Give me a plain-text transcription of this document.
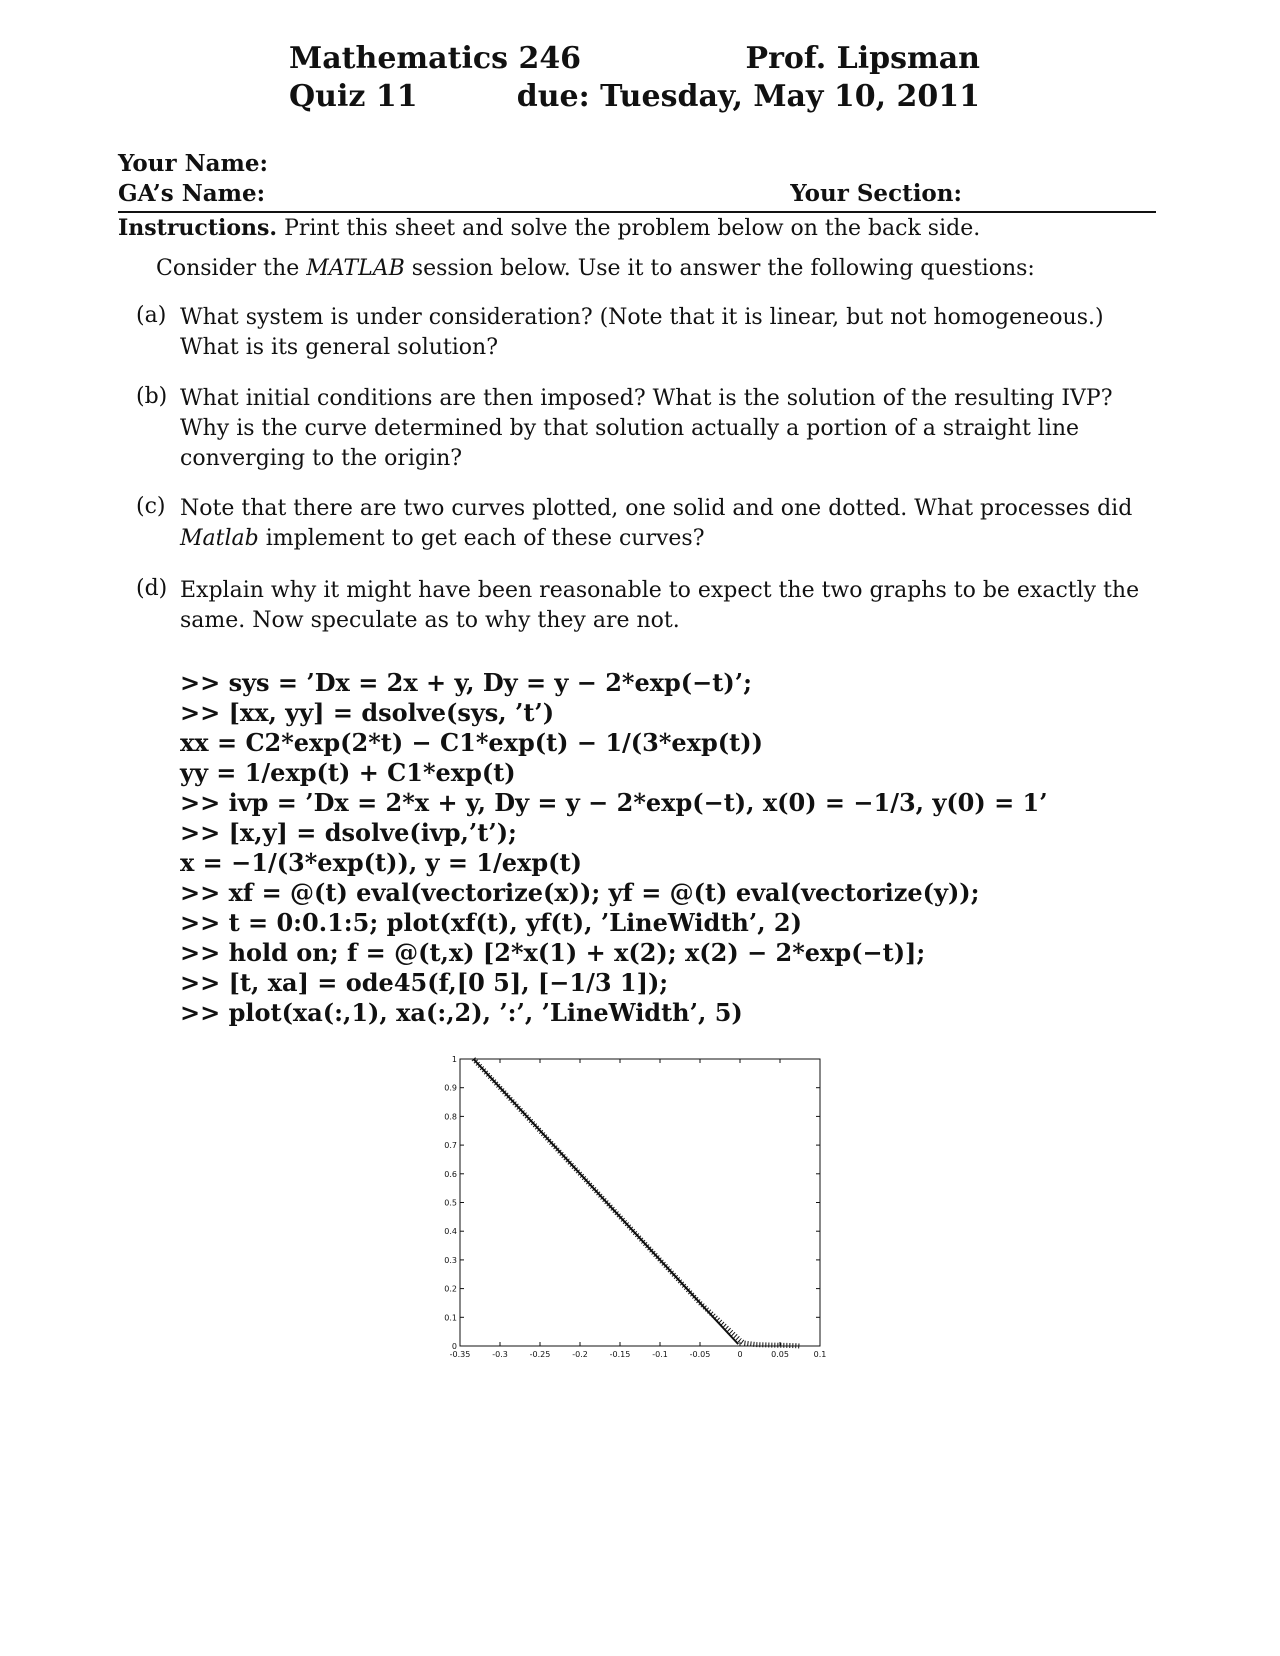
Mathematics 246	Prof. Lipsman
Quiz 11	due: Tuesday, May 10, 2011
Your Name:
GA’s Name:	Your Section:
Instructions. Print this sheet and solve the problem below on the back side.
Consider the MATLAB session below. Use it to answer the following questions:
(a) What system is under consideration? (Note that it is linear, but not homogeneous.) What is its general solution?
(b) What initial conditions are then imposed? What is the solution of the resulting IVP? Why is the curve determined by that solution actually a portion of a straight line converging to the origin?
(c) Note that there are two curves plotted, one solid and one dotted. What processes did Matlab implement to get each of these curves?
(d) Explain why it might have been reasonable to expect the two graphs to be exactly the same. Now speculate as to why they are not.
>> sys = ’Dx = 2x + y, Dy = y − 2*exp(−t)’;
>> [xx, yy] = dsolve(sys, ’t’)
xx = C2*exp(2*t) − C1*exp(t) − 1/(3*exp(t))
yy = 1/exp(t) + C1*exp(t)
>> ivp = ’Dx = 2*x + y, Dy = y − 2*exp(−t), x(0) = −1/3, y(0) = 1’
>> [x,y] = dsolve(ivp,’t’);
x = −1/(3*exp(t)), y = 1/exp(t)
>> xf = @(t) eval(vectorize(x)); yf = @(t) eval(vectorize(y));
>> t = 0:0.1:5; plot(xf(t), yf(t), ’LineWidth’, 2)
>> hold on; f = @(t,x) [2*x(1) + x(2); x(2) − 2*exp(−t)];
>> [t, xa] = ode45(f,[0 5], [−1/3 1]);
>> plot(xa(:,1), xa(:,2), ’:’, ’LineWidth’, 5)
0
0.1
0.2
0.3
0.4
0.5
0.6
0.7
0.8
0.9
1
-0.35	-0.3	-0.25	-0.2	-0.15	-0.1	-0.05	0	0.05	0.1
